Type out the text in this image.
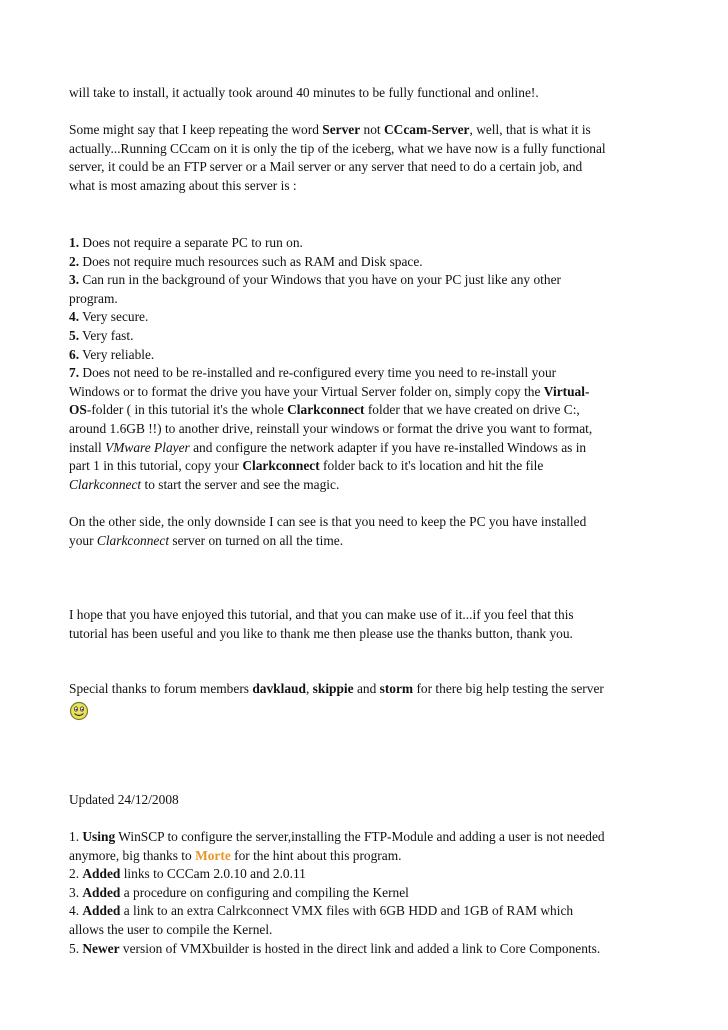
will take to install, it actually took around 40 minutes to be fully functional and online!.
Some might say that I keep repeating the word Server not CCcam-Server, well, that is what it is
actually...Running CCcam on it is only the tip of the iceberg, what we have now is a fully functional
server, it could be an FTP server or a Mail server or any server that need to do a certain job, and
what is most amazing about this server is :
1. Does not require a separate PC to run on.
2. Does not require much resources such as RAM and Disk space.
3. Can run in the background of your Windows that you have on your PC just like any other
program.
4. Very secure.
5. Very fast.
6. Very reliable.
7. Does not need to be re-installed and re-configured every time you need to re-install your
Windows or to format the drive you have your Virtual Server folder on, simply copy the Virtual-
OS-folder ( in this tutorial it's the whole Clarkconnect folder that we have created on drive C:,
around 1.6GB !!) to another drive, reinstall your windows or format the drive you want to format,
install VMware Player and configure the network adapter if you have re-installed Windows as in
part 1 in this tutorial, copy your Clarkconnect folder back to it's location and hit the file
Clarkconnect to start the server and see the magic.
On the other side, the only downside I can see is that you need to keep the PC you have installed
your Clarkconnect server on turned on all the time.
I hope that you have enjoyed this tutorial, and that you can make use of it...if you feel that this
tutorial has been useful and you like to thank me then please use the thanks button, thank you.
Special thanks to forum members davklaud, skippie and storm for there big help testing the server
Updated 24/12/2008
1. Using WinSCP to configure the server,installing the FTP-Module and adding a user is not needed
anymore, big thanks to Morte for the hint about this program.
2. Added links to CCCam 2.0.10 and 2.0.11
3. Added a procedure on configuring and compiling the Kernel
4. Added a link to an extra Calrkconnect VMX files with 6GB HDD and 1GB of RAM which
allows the user to compile the Kernel.
5. Newer version of VMXbuilder is hosted in the direct link and added a link to Core Components.
